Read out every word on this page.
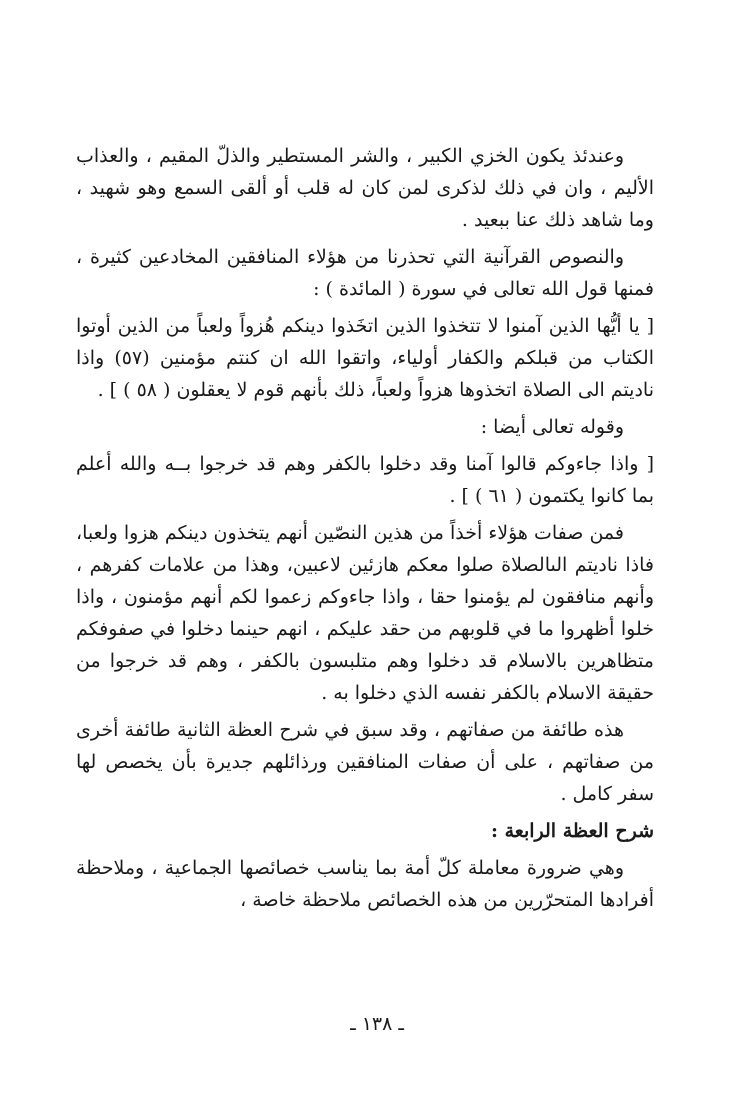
وعندئذ يكون الخزي الكبير ، والشر المستطير والذلّ المقيم ، والعذاب الأليم ، وان في ذلك لذكرى لمن كان له قلب أو ألقى السمع وهو شهيد ، وما شاهد ذلك عنا ببعيد .

والنصوص القرآنية التي تحذرنا من هؤلاء المنافقين المخادعين كثيرة ، فمنها قول الله تعالى في سورة ( المائدة ) :

[ يا أيُّها الذين آمنوا لا تتخذوا الذين اتخَذوا دينكم هُزواً ولعباً من الذين أوتوا الكتاب من قبلكم والكفار أولياء، واتقوا الله ان كنتم مؤمنين (٥٧) واذا ناديتم الى الصلاة اتخذوها هزواً ولعباً، ذلك بأنهم قوم لا يعقلون ( ٥٨ ) ] .

وقوله تعالى أيضا :

[ واذا جاءوكم قالوا آمنا وقد دخلوا بالكفر وهم قد خرجوا بــه والله أعلم بما كانوا يكتمون ( ٦١ ) ] .

فمن صفات هؤلاء أخذاً من هذين النصّين أنهم يتخذون دينكم هزوا ولعبا، فاذا ناديتم الىالصلاة صلوا معكم هازئين لاعبين، وهذا من علامات كفرهم ، وأنهم منافقون لم يؤمنوا حقا ، واذا جاءوكم زعموا لكم أنهم مؤمنون ، واذا خلوا أظهروا ما في قلوبهم من حقد عليكم ، انهم حينما دخلوا في صفوفكم متظاهرين بالاسلام قد دخلوا وهم متلبسون بالكفر ، وهم قد خرجوا من حقيقة الاسلام بالكفر نفسه الذي دخلوا به .

هذه طائفة من صفاتهم ، وقد سبق في شرح العظة الثانية طائفة أخرى من صفاتهم ، على أن صفات المنافقين ورذائلهم جديرة بأن يخصص لها سفر كامل .

شرح العظة الرابعة :

وهي ضرورة معاملة كلّ أمة بما يناسب خصائصها الجماعية ، وملاحظة أفرادها المتحرّرين من هذه الخصائص ملاحظة خاصة ،

ـ ١٣٨ ـ
